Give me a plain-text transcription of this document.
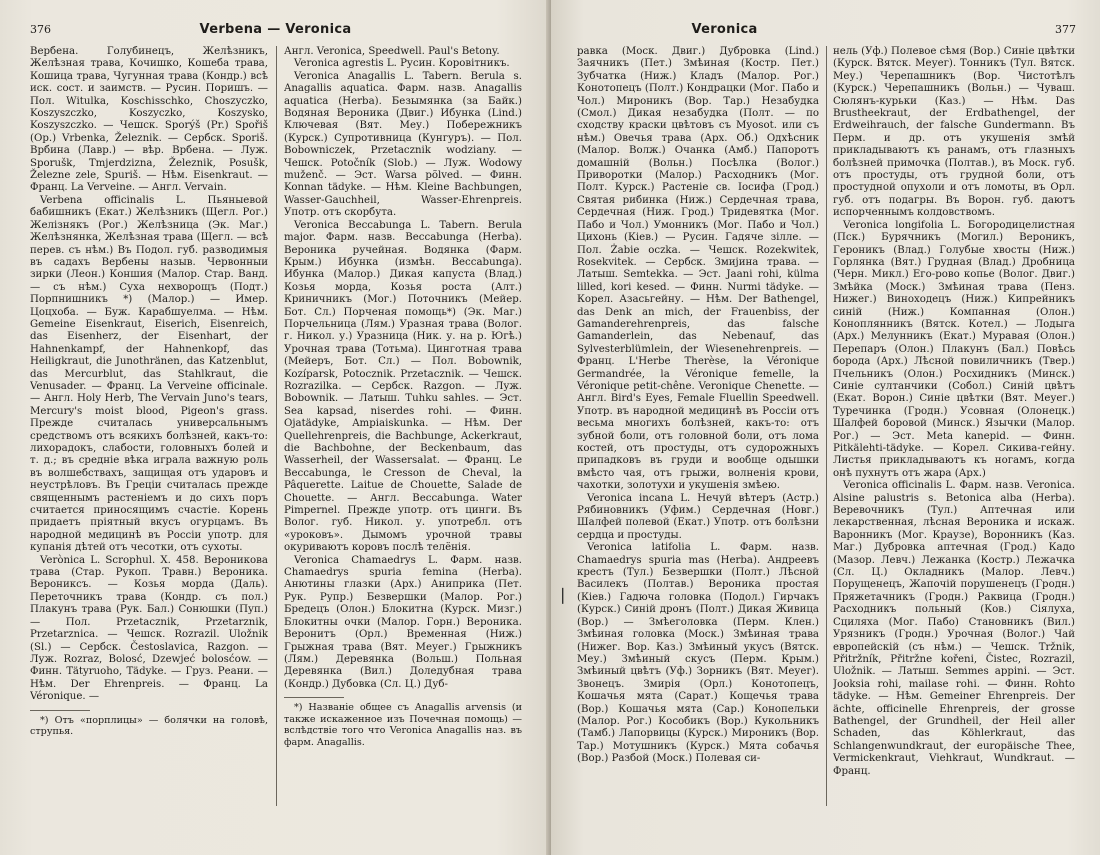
376	Verbena — Veronica

Вербена. Голубинецъ, Желѣзникъ, Желѣзная трава, Кочишко, Кошеба трава, Кошица трава, Чугунная трава (Кондр.) всѣ иск. сост. и заимств. — Русин. Поришъ. — Пол. Witulka, Koschisschko, Choszyczko, Koszyszczko, Koszyczko, Koszysko, Koszyszczko. — Чешск. Sporýš (Pr.) Spořiš (Op.) Vrbenka, Železnik. — Сербск. Sporiš. Врбина (Лавр.) — вѣр. Врбена. — Луж. Sporušk, Tmjerdzizna, Železnik, Posušk, Železne zele, Spuriš. — Нѣм. Eisenkraut. — Франц. La Verveine. — Англ. Vervain.

Verbena officinalis L. Пьяныевой бабишникъ (Екат.) Желѣзникъ (Щегл. Рог.) Желізнякъ (Рог.) Желѣзница (Эк. Маг.) Желѣзнянка, Желѣзная трава (Щегл. — всѣ перев. съ нѣм.) Въ Подол. губ. разводимыя въ садахъ Вербены назыв. Червонныи зирки (Леон.) Коншия (Малор. Стар. Ванд. — съ нѣм.) Суха нехворощъ (Подт.) Порпнишникъ *) (Малор.) — Имер. Цоцхоба. — Буж. Карабшуелма. — Нѣм. Gemeine Eisenkraut, Eiserich, Eisenreich, das Eisenherz, der Eisenhart, der Hahnenkampf, der Hahnenkopf, das Heiligkraut, die Junothränen, das Katzenblut, das Mercurblut, das Stahlkraut, die Venusader. — Франц. La Verveine officinale. — Англ. Holy Herb, The Vervain Juno's tears, Mercury's moist blood, Pigeon's grass. Прежде считалась универсальнымъ средствомъ отъ всякихъ болѣзней, какъ-то: лихорадокъ, слабости, головныхъ болей и т. д.; въ средніе вѣка играла важную роль въ волшебствахъ, защищая отъ ударовъ и неустрѣловъ. Въ Греціи считалась прежде священнымъ растеніемъ и до сихъ поръ считается приносящимъ счастіе. Корень придаетъ пріятный вкусъ огурцамъ. Въ народной медицинѣ въ Россіи употр. для купанія дѣтей отъ чесотки, отъ сухоты.

Verònica L. Scrophul. X. 458. Вероникова трава (Стар. Рукоп. Травн.) Вероника. Верониксъ. — Козья морда (Даль). Переточникъ трава (Кондр. съ пол.) Плакунъ трава (Рук. Бал.) Сонюшки (Пуп.) — Пол. Przetacznik, Przetarznik, Przetarznica. — Чешск. Rozrazil. Uložnik (Sl.) — Сербск. Čestoslavica, Razgon. — Луж. Rozraz, Bolosć, Dzewjeć bolosćow. — Финн. Tätyruoho, Tädyke. — Груз. Реани. — Нѣм. Der Ehrenpreis. — Франц. La Véronique. —

*) Отъ «порплицы» — болячки на головѣ, струпья.

Англ. Veronica, Speedwell. Paul's Betony.

Veronica agrestis L. Русин. Коровітникъ.

Veronica Anagallis L. Tabern. Berula s. Anagallis aquatica. Фарм. назв. Anagallis aquatica (Herba). Безымянка (за Байк.) Водяная Вероника (Двиг.) Ибунка (Lind.) Ключевая (Вят. Меу.) Побережникъ (Курск.) Супротивница (Кунгуръ). — Пол. Bobowniczek, Przetacznik wodziany. — Чешск. Potočník (Slob.) — Луж. Wodowy muženč. — Эст. Warsa põlved. — Финн. Konnan tädyke. — Нѣм. Kleine Bachbungen, Wasser-Gauchheil, Wasser-Ehrenpreis. Употр. отъ скорбута.

Veronica Beccabunga L. Tabern. Berula major. Фарм. назв. Beccabunga (Herba). Вероника ручейная. Водянка (Фарм. Крым.) Ибунка (измѣн. Beccabunga). Ибунка (Малор.) Дикая капуста (Влад.) Козья морда, Козья роста (Алт.) Криничникъ (Мог.) Поточникъ (Мейер. Бот. Сл.) Порченая помощь*) (Эк. Маг.) Порчельница (Лям.) Уразная трава (Волог. г. Никол. у.) Уразница (Ник. у. на р. Югѣ.) Урочная трава (Тотьма). Цинготная трава (Мейеръ, Бот. Сл.) — Пол. Bobownik, Kozíparsk, Potocznik. Przetacznik. — Чешск. Rozrazilka. — Сербск. Razgon. — Луж. Bobownik. — Латыш. Tuhku sahles. — Эст. Sea kapsad, niserdes rohi. — Финн. Ojatädyke, Ampiaiskunka. — Нѣм. Der Quellehrenpreis, die Bachbunge, Ackerkraut, die Bachbohne, der Beckenbaum, das Wasserheil, der Wassersalat. — Франц. Le Beccabunga, le Cresson de Cheval, la Pâquerette. Laitue de Chouette, Salade de Chouette. — Англ. Beccabunga. Water Pimpernel. Прежде употр. отъ цинги. Въ Волог. губ. Никол. у. употребл. отъ «уроковъ». Дымомъ урочной травы окуриваютъ коровъ послѣ телёнія.

Veronica Chamaedrys L. Фарм. назв. Chamaedrys spuria femina (Herba). Анютины глазки (Арх.) Аниприка (Пет. Рук. Рупр.) Безвершки (Малор. Рог.) Бредецъ (Олон.) Блокитна (Курск. Мизг.) Блокитны очки (Малор. Горн.) Вероника. Веронитъ (Орл.) Временная (Ниж.) Грыжная трава (Вят. Меуег.) Грыжникъ (Лям.) Деревянка (Вольш.) Польная Деревянка (Вил.) Доледубная трава (Кондр.) Дубовка (Сл. Ц.) Дуб-

*) Названіе общее съ Anagallis arvensis (и также искаженное изъ Почечная помощь) — вслѣдствіе того что Veronica Anagallis наз. въ фарм. Anagallis.

Veronica	377

равка (Моск. Двиг.) Дубровка (Lind.) Заячникъ (Пет.) Змѣиная (Костр. Пет.) Зубчатка (Ниж.) Кладъ (Малор. Рог.) Конотопецъ (Полт.) Кондрацки (Мог. Пабо и Чол.) Мироникъ (Вор. Тар.) Незабудка (Смол.) Дикая незабудка (Полт. — по сходству краски цвѣтовъ съ Myosot. или съ нѣм.) Овечья трава (Арх. Об.) Одхѣсник (Малор. Волж.) Очанка (Амб.) Папоротъ домашній (Вольн.) Посѣлка (Волог.) Приворотки (Малор.) Расходникъ (Мог. Полт. Курск.) Растеніе св. Іосифа (Грод.) Святая рибинка (Ниж.) Сердечная трава, Сердечная (Ниж. Грод.) Тридевятка (Мог. Пабо и Чол.) Умонникъ (Мог. Пабо и Чол.) Цихонь (Кіев.) — Русин. Гадяче зілле. — Пол. Żabie oczka. — Чешск. Rozekwitek, Rosekvitek. — Сербск. Змијина трава. — Латыш. Semtekka. — Эст. Jaani rohi, külma lilled, kori kesed. — Финн. Nurmi tädyke. — Корел. Азасьгейну. — Нѣм. Der Bathengel, das Denk an mich, der Frauenbiss, der Gamanderehrenpreis, das falsche Gamanderlein, das Nebenauf, das Sylvesterblümlein, der Wiesenehrenpreis. — Франц. L'Herbe Therèse, la Véronique Germandrée, la Véronique femelle, la Véronique petit-chêne. Veronique Chenette. — Англ. Bird's Eyes, Female Fluellin Speedwell. Употр. въ народной медицинѣ въ Россіи отъ весьма многихъ болѣзней, какъ-то: отъ зубной боли, отъ головной боли, отъ лома костей, отъ простуды, отъ судорожныхъ припадковъ въ груди и вообще одышки вмѣсто чая, отъ грыжи, волненія крови, чахотки, золотухи и укушенія змѣею.

Veronica incana L. Нечуй вѣтеръ (Астр.) Рябиновникъ (Уфим.) Сердечная (Новг.) Шалфей полевой (Екат.) Употр. отъ болѣзни сердца и простуды.

Veronica latifolia L. Фарм. назв. Chamaedrys spuria mas (Herba). Андреевъ крестъ (Тул.) Безвершки (Полт.) Лѣсной Василекъ (Полтав.) Вероника простая (Кіев.) Гадюча головка (Подол.) Гирчакъ (Курск.) Синій дронъ (Полт.) Дикая Живица (Вор.) — Змѣеголовка (Перм. Клен.) Змѣиная головка (Моск.) Змѣиная трава (Нижег. Вор. Каз.) Змѣиный укусъ (Вятск. Меу.) Змѣиный скусъ (Перм. Крым.) Змѣиный цвѣтъ (Уф.) Зорникъ (Вят. Меуег). Звонецъ. Змирія (Орл.) Конотопецъ, Кошачья мята (Сарат.) Кощечья трава (Вор.) Кошачья мята (Сар.) Конопельки (Малор. Рог.) Кособикъ (Вор.) Кукольникъ (Тамб.) Лапорвицы (Курск.) Мироникъ (Вор. Тар.) Мотушникъ (Курск.) Мята собачья (Вор.) Разбой (Моск.) Полевая си-

нель (Уф.) Полевое сѣмя (Вор.) Синіе цвѣтки (Курск. Вятск. Меуег). Тонникъ (Тул. Вятск. Меу.) Черепашникъ (Вор. Чистотѣлъ (Курск.) Черепашникъ (Вольн.) — Чуваш. Сюлянъ-курьки (Каз.) — Нѣм. Das Brustheekraut, der Erdbathengel, der Erdweihrauch, der falsche Gundermann. Въ Перм. и др. отъ укушенія змѣй прикладываютъ къ ранамъ, отъ глазныхъ болѣзней примочка (Полтав.), въ Моск. губ. отъ простуды, отъ грудной боли, отъ простудной опухоли и отъ ломоты, въ Орл. губ. отъ подагры. Въ Ворон. губ. даютъ испорченнымъ колдовствомъ.

Veronica longifolia L. Богородицелистная (Пск.) Бурячникъ (Могил.) Вероникъ, Героникъ (Влад.) Голубые хвосты (Ниж.) Горлянка (Вят.) Грудная (Влад.) Дробница (Черн. Микл.) Его-рово копье (Волог. Двиг.) Змѣйка (Моск.) Змѣиная трава (Пенз. Нижег.) Виноходецъ (Ниж.) Кипрейникъ синій (Ниж.) Компанная (Олон.) Коноплянникъ (Вятск. Котел.) — Лодыга (Арх.) Мелунникъ (Екат.) Муравая (Олон.) Перепаръ (Олон.) Плакунъ (Бал.) Повѣсь борода (Арх.) Лѣсной повиличникъ (Твер.) Пчельникъ (Олон.) Росхидникъ (Минск.) Синіе султанчики (Собол.) Синій цвѣтъ (Екат. Ворон.) Синіе цвѣтки (Вят. Меуег.) Туречинка (Гродн.) Усовная (Олонецк.) Шалфей боровой (Минск.) Язычки (Малор. Рог.) — Эст. Meta kanepid. — Финн. Pitkälehti-tädyke. — Корел. Сикива-гейну. Листья прикладываютъ къ ногамъ, когда онѣ пухнутъ отъ жара (Арх.)

Veronica officinalis L. Фарм. назв. Veronica. Alsine palustris s. Betonica alba (Herba). Веревочникъ (Тул.) Аптечная или лекарственная, лѣсная Вероника и искаж. Варонникъ (Мог. Краузе), Воронникъ (Каз. Маг.) Дубровка аптечная (Грод.) Кадо (Мазор. Левч.) Лежанка (Костр.) Лежачка (Сл. Ц.) Окладникъ (Малор. Левч.) Порущенецъ, Жапочій порушенецъ (Гродн.) Пряжетачникъ (Гродн.) Раквица (Гродн.) Расходникъ польный (Ков.) Сіялуха, Сциляха (Мог. Пабо) Становникъ (Вил.) Урязникъ (Гродн.) Урочная (Волог.) Чай европейскій (съ нѣм.) — Чешск. Tržnik, Přitržník, Přitržne kořeni, Čistec, Rozrazil, Uložnik. — Латыш. Semmes appini. — Эст. Jooksia rohi, mailase rohi. — Финн. Rohto tädyke. — Нѣм. Gemeiner Ehrenpreis. Der ächte, officinelle Ehrenpreis, der grosse Bathengel, der Grundheil, der Heil aller Schaden, das Köhlerkraut, das Schlangenwundkraut, der europäische Thee, Vermickenkraut, Viehkraut, Wundkraut. — Франц.

❘
